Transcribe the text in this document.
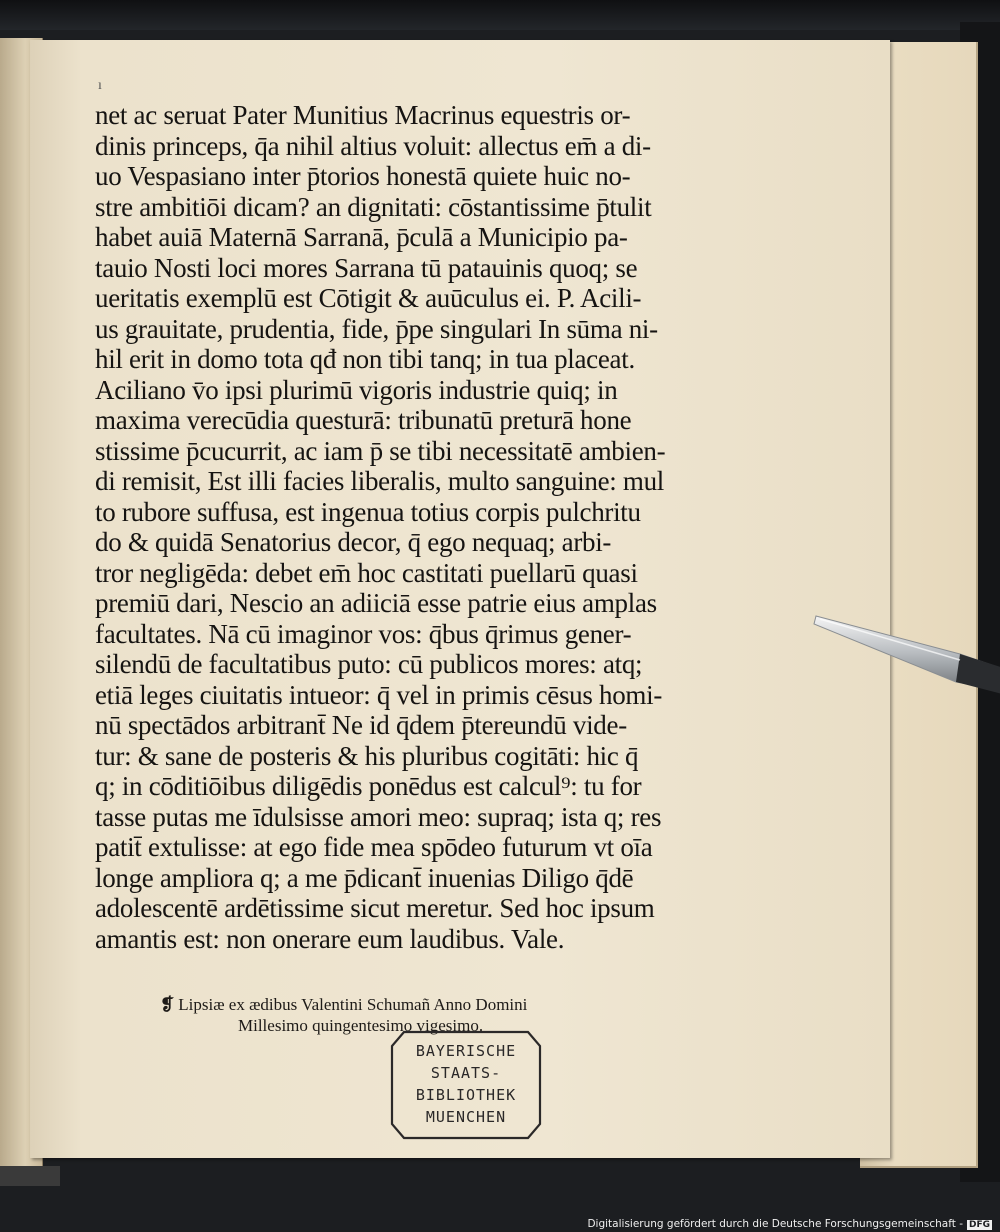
ı
net ac seruat Pater Munitius Macrinus equestris or-
dinis princeps, q̄a nihil altius voluit: allectus em̄ a di-
uo Vespasiano inter p̄torios honestā quiete huic no-
stre ambitiōi dicam? an dignitati: cōstantissime p̄tulit
habet auiā Maternā Sarranā, p̄culā a Municipio pa-
tauio Nosti loci mores Sarrana tū patauinis quoq; se
ueritatis exemplū est Cōtigit & auūculus ei. P. Acili-
us grauitate, prudentia, fide, p̄pe singulari In sūma ni-
hil erit in domo tota qđ non tibi tanq; in tua placeat.
Aciliano v̄o ipsi plurimū vigoris industrie quiq; in
maxima verecūdia questurā: tribunatū preturā hone
stissime p̄cucurrit, ac iam p̄ se tibi necessitatē ambien-
di remisit, Est illi facies liberalis, multo sanguine: mul
to rubore suffusa, est ingenua totius corpis pulchritu
do & quidā Senatorius decor, q̄ ego nequaq; arbi-
tror negligēda: debet em̄ hoc castitati puellarū quasi
premiū dari, Nescio an adiiciā esse patrie eius amplas
facultates. Nā cū imaginor vos: q̄bus q̄rimus gener-
silendū de facultatibus puto: cū publicos mores: atq;
etiā leges ciuitatis intueor: q̄ vel in primis cēsus homi-
nū spectādos arbitrant̄ Ne id q̄dem p̄tereundū vide-
tur: & sane de posteris & his pluribus cogitāti: hic q̄
q; in cōditiōibus diligēdis ponēdus est calcul⁹: tu for
tasse putas me īdulsisse amori meo: supraq; ista q; res
patit̄ extulisse: at ego fide mea spōdeo futurum vt oīa
longe ampliora q; a me p̄dicant̄ inuenias Diligo q̄dē
adolescentē ardētissime sicut meretur. Sed hoc ipsum
amantis est: non onerare eum laudibus. Vale.
❡ Lipsiæ ex ædibus Valentini Schumañ Anno Domini
Millesimo quingentesimo vigesimo.
BAYERISCHE
STAATS-
BIBLIOTHEK
MUENCHEN
Digitalisierung gefördert durch die Deutsche Forschungsgemeinschaft - DFG
